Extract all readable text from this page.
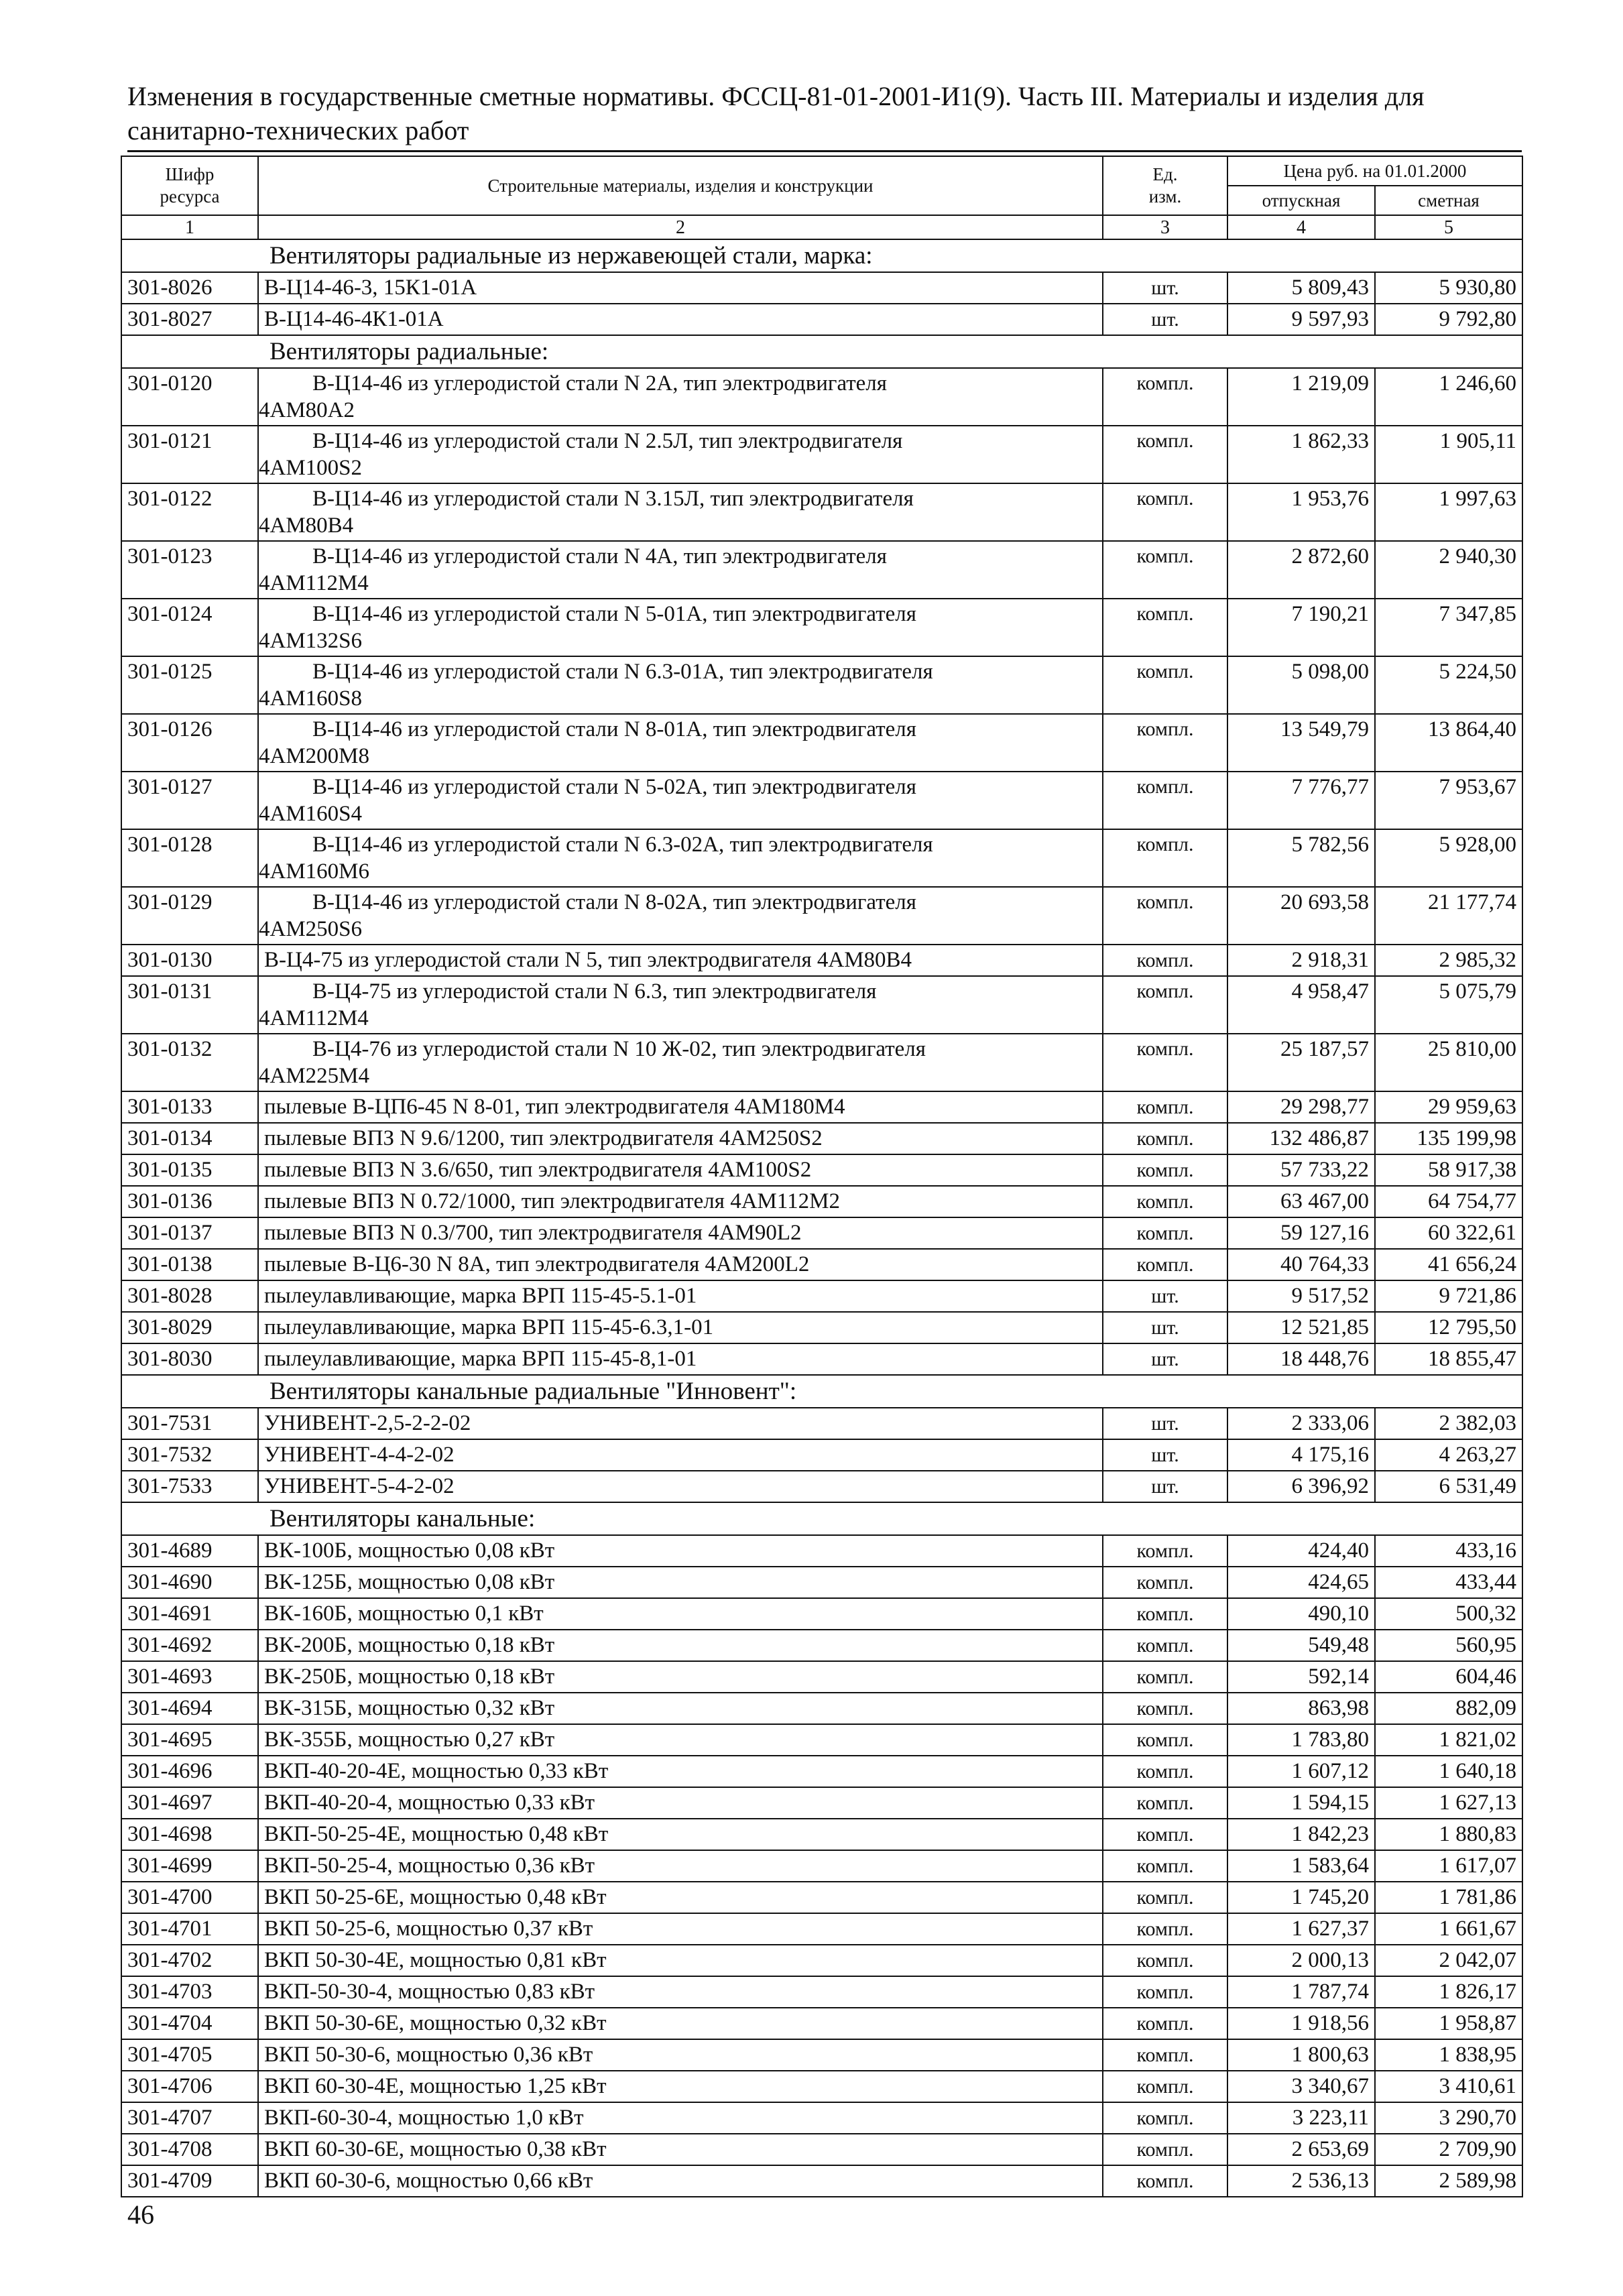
Изменения в государственные сметные нормативы. ФССЦ-81-01-2001-И1(9). Часть III. Материалы и изделия для
санитарно-технических работ
Шифр
ресурса	Строительные материалы, изделия и конструкции	Ед.
изм.	Цена руб. на 01.01.2000	
			отпускная	сметная
1	2	3	4	5
Вентиляторы радиальные из нержавеющей стали, марка:				
301-8026	В-Ц14-46-3, 15К1-01А	шт.	5 809,43	5 930,80
301-8027	В-Ц14-46-4К1-01А	шт.	9 597,93	9 792,80
Вентиляторы радиальные:				
301-0120	В-Ц14-46 из углеродистой стали N 2А, тип электродвигателя
4АМ80А2	компл.	1 219,09	1 246,60
301-0121	В-Ц14-46 из углеродистой стали N 2.5Л, тип электродвигателя
4АМ100S2	компл.	1 862,33	1 905,11
301-0122	В-Ц14-46 из углеродистой стали N 3.15Л, тип электродвигателя
4АМ80В4	компл.	1 953,76	1 997,63
301-0123	В-Ц14-46 из углеродистой стали N 4А, тип электродвигателя
4АМ112М4	компл.	2 872,60	2 940,30
301-0124	В-Ц14-46 из углеродистой стали N 5-01А, тип электродвигателя
4АМ132S6	компл.	7 190,21	7 347,85
301-0125	В-Ц14-46 из углеродистой стали N 6.3-01А, тип электродвигателя
4АМ160S8	компл.	5 098,00	5 224,50
301-0126	В-Ц14-46 из углеродистой стали N 8-01А, тип электродвигателя
4АМ200М8	компл.	13 549,79	13 864,40
301-0127	В-Ц14-46 из углеродистой стали N 5-02А, тип электродвигателя
4АМ160S4	компл.	7 776,77	7 953,67
301-0128	В-Ц14-46 из углеродистой стали N 6.3-02А, тип электродвигателя
4АМ160М6	компл.	5 782,56	5 928,00
301-0129	В-Ц14-46 из углеродистой стали N 8-02А, тип электродвигателя
4АМ250S6	компл.	20 693,58	21 177,74
301-0130	В-Ц4-75 из углеродистой стали N 5, тип электродвигателя 4АМ80В4	компл.	2 918,31	2 985,32
301-0131	В-Ц4-75 из углеродистой стали N 6.3, тип электродвигателя
4АМ112М4	компл.	4 958,47	5 075,79
301-0132	В-Ц4-76 из углеродистой стали N 10 Ж-02, тип электродвигателя
4АМ225М4	компл.	25 187,57	25 810,00
301-0133	пылевые В-ЦП6-45 N 8-01, тип электродвигателя 4АМ180М4	компл.	29 298,77	29 959,63
301-0134	пылевые ВПЗ N 9.6/1200, тип электродвигателя 4АМ250S2	компл.	132 486,87	135 199,98
301-0135	пылевые ВПЗ N 3.6/650, тип электродвигателя 4АМ100S2	компл.	57 733,22	58 917,38
301-0136	пылевые ВПЗ N 0.72/1000, тип электродвигателя 4АМ112М2	компл.	63 467,00	64 754,77
301-0137	пылевые ВПЗ N 0.3/700, тип электродвигателя 4АМ90L2	компл.	59 127,16	60 322,61
301-0138	пылевые В-Ц6-30 N 8А, тип электродвигателя 4АМ200L2	компл.	40 764,33	41 656,24
301-8028	пылеулавливающие, марка ВРП 115-45-5.1-01	шт.	9 517,52	9 721,86
301-8029	пылеулавливающие, марка ВРП 115-45-6.3,1-01	шт.	12 521,85	12 795,50
301-8030	пылеулавливающие, марка ВРП 115-45-8,1-01	шт.	18 448,76	18 855,47
Вентиляторы канальные радиальные "Инновент":				
301-7531	УНИВЕНТ-2,5-2-2-02	шт.	2 333,06	2 382,03
301-7532	УНИВЕНТ-4-4-2-02	шт.	4 175,16	4 263,27
301-7533	УНИВЕНТ-5-4-2-02	шт.	6 396,92	6 531,49
Вентиляторы канальные:				
301-4689	ВК-100Б, мощностью 0,08 кВт	компл.	424,40	433,16
301-4690	ВК-125Б, мощностью 0,08 кВт	компл.	424,65	433,44
301-4691	ВК-160Б, мощностью 0,1 кВт	компл.	490,10	500,32
301-4692	ВК-200Б, мощностью 0,18 кВт	компл.	549,48	560,95
301-4693	ВК-250Б, мощностью 0,18 кВт	компл.	592,14	604,46
301-4694	ВК-315Б, мощностью 0,32 кВт	компл.	863,98	882,09
301-4695	ВК-355Б, мощностью 0,27 кВт	компл.	1 783,80	1 821,02
301-4696	ВКП-40-20-4Е, мощностью 0,33 кВт	компл.	1 607,12	1 640,18
301-4697	ВКП-40-20-4, мощностью 0,33 кВт	компл.	1 594,15	1 627,13
301-4698	ВКП-50-25-4Е, мощностью 0,48 кВт	компл.	1 842,23	1 880,83
301-4699	ВКП-50-25-4, мощностью 0,36 кВт	компл.	1 583,64	1 617,07
301-4700	ВКП 50-25-6Е, мощностью 0,48 кВт	компл.	1 745,20	1 781,86
301-4701	ВКП 50-25-6, мощностью 0,37 кВт	компл.	1 627,37	1 661,67
301-4702	ВКП 50-30-4Е, мощностью 0,81 кВт	компл.	2 000,13	2 042,07
301-4703	ВКП-50-30-4, мощностью 0,83 кВт	компл.	1 787,74	1 826,17
301-4704	ВКП 50-30-6Е, мощностью 0,32 кВт	компл.	1 918,56	1 958,87
301-4705	ВКП 50-30-6, мощностью 0,36 кВт	компл.	1 800,63	1 838,95
301-4706	ВКП 60-30-4Е, мощностью 1,25 кВт	компл.	3 340,67	3 410,61
301-4707	ВКП-60-30-4, мощностью 1,0 кВт	компл.	3 223,11	3 290,70
301-4708	ВКП 60-30-6Е, мощностью 0,38 кВт	компл.	2 653,69	2 709,90
301-4709	ВКП 60-30-6, мощностью 0,66 кВт	компл.	2 536,13	2 589,98
46
